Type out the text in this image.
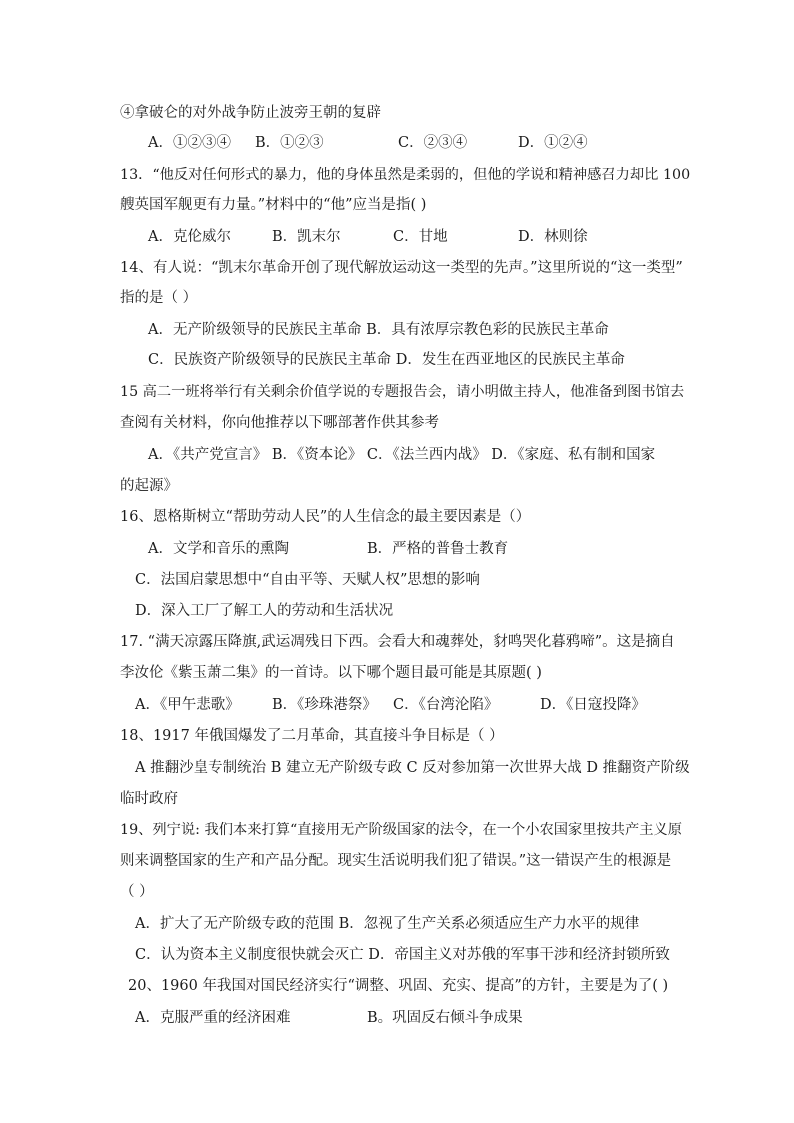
④拿破仑的对外战争防止波旁王朝的复辟
A．①②③④ B．①②③	C．②③④	D．①②④
13．“他反对任何形式的暴力，他的身体虽然是柔弱的，但他的学说和精神感召力却比 100
艘英国军舰更有力量。”材料中的“他”应当是指( )
A．克伦威尔	B．凯末尔	C．甘地	D．林则徐
14、有人说：“凯末尔革命开创了现代解放运动这一类型的先声。”这里所说的“这一类型”
指的是（ ）
A．无产阶级领导的民族民主革命 B．具有浓厚宗教色彩的民族民主革命
C．民族资产阶级领导的民族民主革命 D．发生在西亚地区的民族民主革命
15 高二一班将举行有关剩余价值学说的专题报告会，请小明做主持人，他准备到图书馆去
查阅有关材料，你向他推荐以下哪部著作供其参考
A．《共产党宣言》 B．《资本论》 C．《法兰西内战》 D．《家庭、私有制和国家
的起源》
16、恩格斯树立“帮助劳动人民”的人生信念的最主要因素是（）
A．文学和音乐的熏陶	B．严格的普鲁士教育
C．法国启蒙思想中“自由平等、天赋人权”思想的影响
D．深入工厂了解工人的劳动和生活状况
17. “满天凉露压降旗,武运凋残日下西。会看大和魂葬处，豺鸣哭化暮鸦啼”。这是摘自
李汝伦《紫玉萧二集》的一首诗。以下哪个题目最可能是其原题( )
A．《甲午悲歌》 B．《珍珠港祭》 C．《台湾沦陷》	D．《日寇投降》
18、1917 年俄国爆发了二月革命，其直接斗争目标是（ ）
A 推翻沙皇专制统治 B 建立无产阶级专政 C 反对参加第一次世界大战 D 推翻资产阶级
临时政府
19、列宁说: 我们本来打算“直接用无产阶级国家的法令，在一个小农国家里按共产主义原
则来调整国家的生产和产品分配。现实生活说明我们犯了错误。”这一错误产生的根源是
（ ）
A．扩大了无产阶级专政的范围 B．忽视了生产关系必须适应生产力水平的规律
C．认为资本主义制度很快就会灭亡 D．帝国主义对苏俄的军事干涉和经济封锁所致
20、1960 年我国对国民经济实行“调整、巩固、充实、提高”的方针，主要是为了( )
A．克服严重的经济困难	B。巩固反右倾斗争成果
